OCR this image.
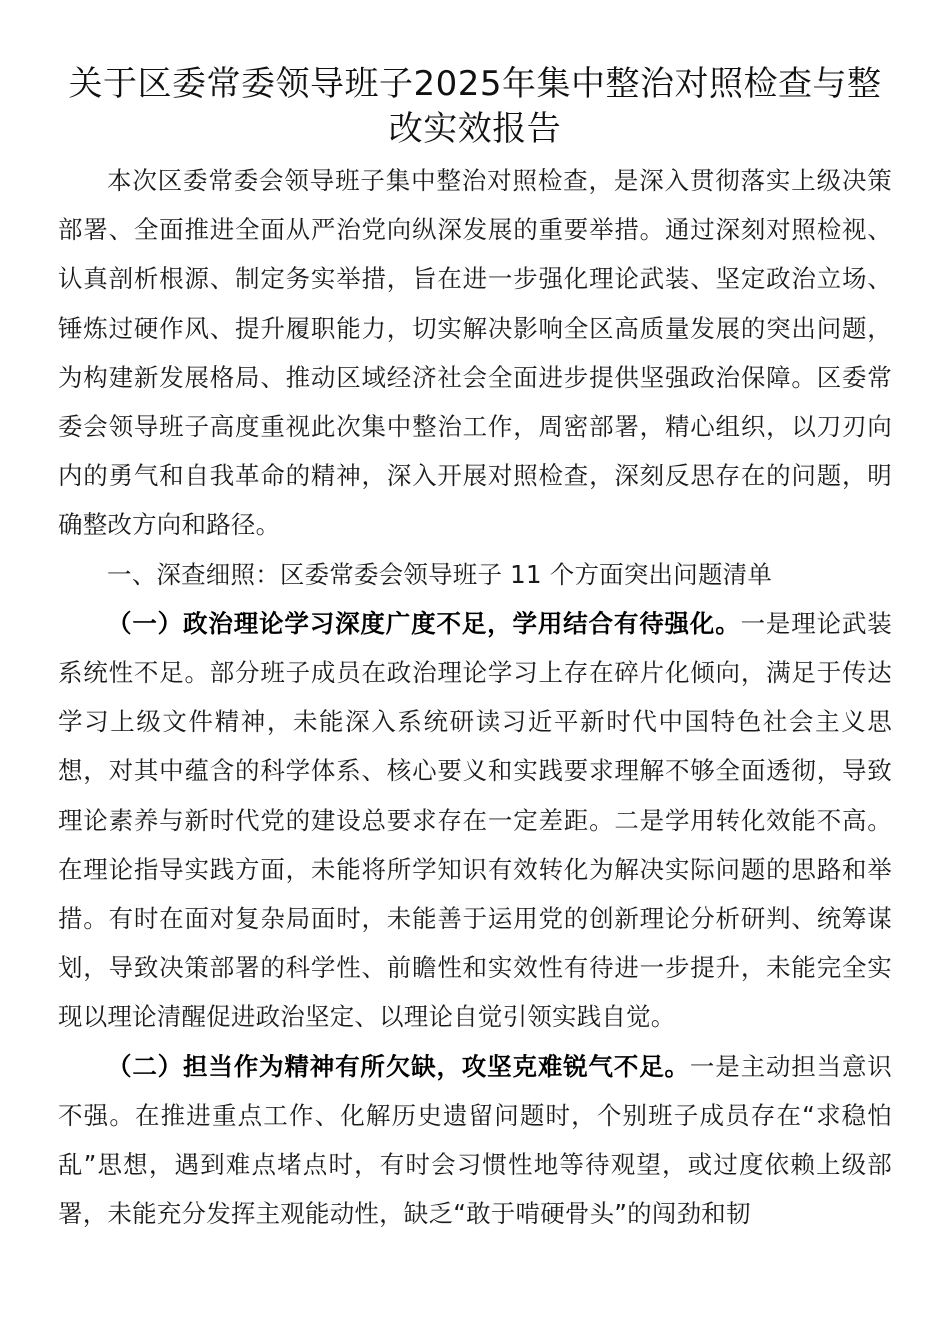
关于区委常委领导班子2025年集中整治对照检查与整改实效报告

本次区委常委会领导班子集中整治对照检查，是深入贯彻落实上级决策部署、全面推进全面从严治党向纵深发展的重要举措。通过深刻对照检视、认真剖析根源、制定务实举措，旨在进一步强化理论武装、坚定政治立场、锤炼过硬作风、提升履职能力，切实解决影响全区高质量发展的突出问题，为构建新发展格局、推动区域经济社会全面进步提供坚强政治保障。区委常委会领导班子高度重视此次集中整治工作，周密部署，精心组织，以刀刃向内的勇气和自我革命的精神，深入开展对照检查，深刻反思存在的问题，明确整改方向和路径。

一、深查细照：区委常委会领导班子 11 个方面突出问题清单

（一）政治理论学习深度广度不足，学用结合有待强化。一是理论武装系统性不足。部分班子成员在政治理论学习上存在碎片化倾向，满足于传达学习上级文件精神，未能深入系统研读习近平新时代中国特色社会主义思想，对其中蕴含的科学体系、核心要义和实践要求理解不够全面透彻，导致理论素养与新时代党的建设总要求存在一定差距。二是学用转化效能不高。在理论指导实践方面，未能将所学知识有效转化为解决实际问题的思路和举措。有时在面对复杂局面时，未能善于运用党的创新理论分析研判、统筹谋划，导致决策部署的科学性、前瞻性和实效性有待进一步提升，未能完全实现以理论清醒促进政治坚定、以理论自觉引领实践自觉。

（二）担当作为精神有所欠缺，攻坚克难锐气不足。一是主动担当意识不强。在推进重点工作、化解历史遗留问题时，个别班子成员存在“求稳怕乱”思想，遇到难点堵点时，有时会习惯性地等待观望，或过度依赖上级部署，未能充分发挥主观能动性，缺乏“敢于啃硬骨头”的闯劲和韧
